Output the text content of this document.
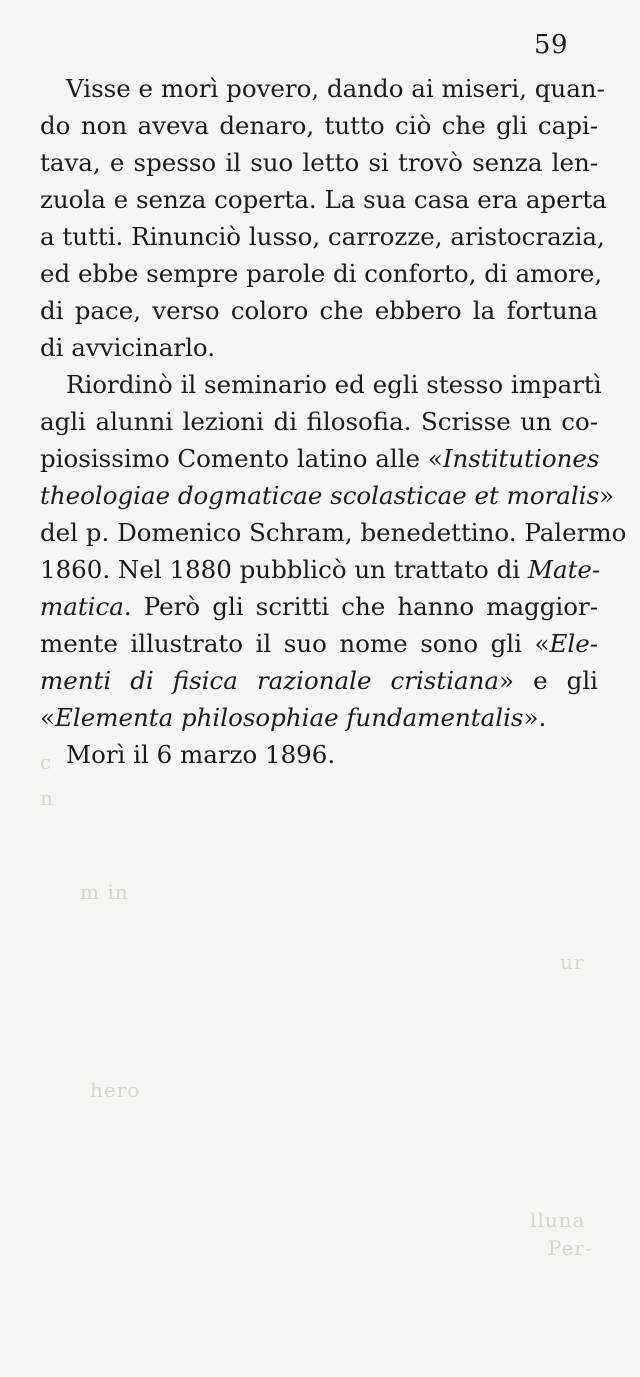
59

Visse e morì povero, dando ai miseri, quan-
do non aveva denaro, tutto ciò che gli capi-
tava, e spesso il suo letto si trovò senza len-
zuola e senza coperta. La sua casa era aperta
a tutti. Rinunciò lusso, carrozze, aristocrazia,
ed ebbe sempre parole di conforto, di amore,
di pace, verso coloro che ebbero la fortuna
di avvicinarlo.

Riordinò il seminario ed egli stesso impartì
agli alunni lezioni di filosofia. Scrisse un co-
piosissimo Comento latino alle «Institutiones
theologiae dogmaticae scolasticae et moralis»
del p. Domenico Schram, benedettino. Palermo
1860. Nel 1880 pubblicò un trattato di Mate-
matica. Però gli scritti che hanno maggior-
mente illustrato il suo nome sono gli «Ele-
menti di fisica razionale cristiana» e gli
«Elementa philosophiae fundamentalis».

Morì il 6 marzo 1896.

c
n
m in
ur
hero
lluna
Per-
